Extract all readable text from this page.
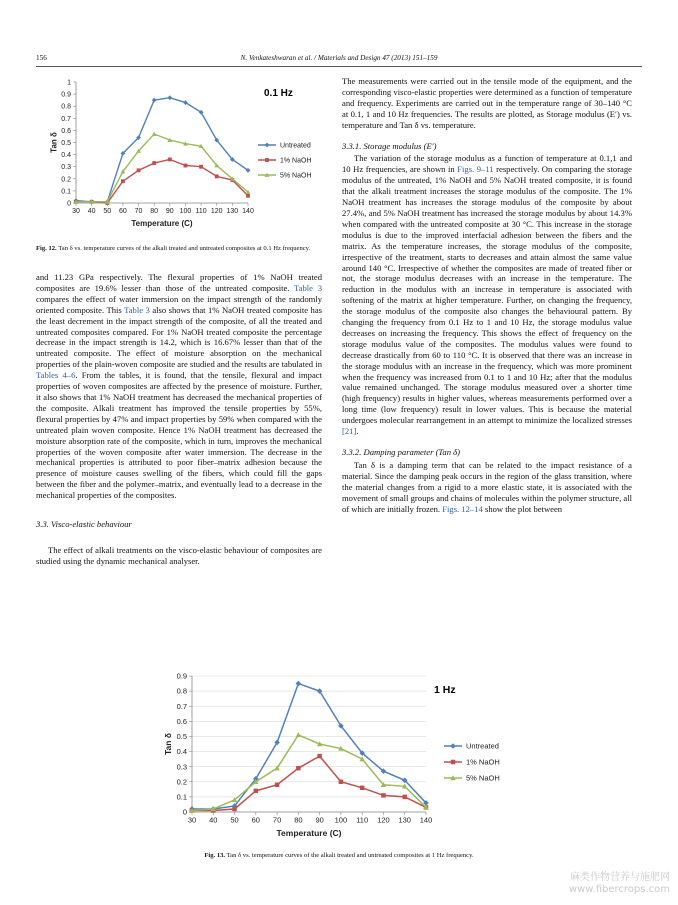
156	N. Venkateshwaran et al. / Materials and Design 47 (2013) 151–159
0
0.1
0.2
0.3
0.4
0.5
0.6
0.7
0.8
0.9
1
30 40 50 60 70 80 90 100 110 120 130 140
Temperature (C)
Tan δ
0.1 Hz
Untreated
1% NaOH
5% NaOH
Fig. 12. Tan δ vs. temperature curves of the alkali treated and untreated composites at 0.1 Hz frequency.

and 11.23 GPa respectively. The flexural properties of 1% NaOH treated composites are 19.6% lesser than those of the untreated composite. Table 3 compares the effect of water immersion on the impact strength of the randomly oriented composite. This Table 3 also shows that 1% NaOH treated composite has the least decrement in the impact strength of the composite, of all the treated and untreated composites compared. For 1% NaOH treated composite the percentage decrease in the impact strength is 14.2, which is 16.67% lesser than that of the untreated composite. The effect of moisture absorption on the mechanical properties of the plain-woven composite are studied and the results are tabulated in Tables 4–6. From the tables, it is found, that the tensile, flexural and impact properties of woven composites are affected by the presence of moisture. Further, it also shows that 1% NaOH treatment has decreased the mechanical properties of the composite. Alkali treatment has improved the tensile properties by 55%, flexural properties by 47% and impact properties by 59% when compared with the untreated plain woven composite. Hence 1% NaOH treatment has decreased the moisture absorption rate of the composite, which in turn, improves the mechanical properties of the woven composite after water immersion. The decrease in the mechanical properties is attributed to poor fiber–matrix adhesion because the presence of moisture causes swelling of the fibers, which could fill the gaps between the fiber and the polymer–matrix, and eventually lead to a decrease in the mechanical properties of the composites.

3.3. Visco-elastic behaviour

The effect of alkali treatments on the visco-elastic behaviour of composites are studied using the dynamic mechanical analyser.

The measurements were carried out in the tensile mode of the equipment, and the corresponding visco-elastic properties were determined as a function of temperature and frequency. Experiments are carried out in the temperature range of 30–140 °C at 0.1, 1 and 10 Hz frequencies. The results are plotted, as Storage modulus (E′) vs. temperature and Tan δ vs. temperature.

3.3.1. Storage modulus (E′)

The variation of the storage modulus as a function of temperature at 0.1,1 and 10 Hz frequencies, are shown in Figs. 9–11 respectively. On comparing the storage modulus of the untreated, 1% NaOH and 5% NaOH treated composite, it is found that the alkali treatment increases the storage modulus of the composite. The 1% NaOH treatment has increases the storage modulus of the composite by about 27.4%, and 5% NaOH treatment has increased the storage modulus by about 14.3% when compared with the untreated composite at 30 °C. This increase in the storage modulus is due to the improved interfacial adhesion between the fibers and the matrix. As the temperature increases, the storage modulus of the composite, irrespective of the treatment, starts to decreases and attain almost the same value around 140 °C. Irrespective of whether the composites are made of treated fiber or not, the storage modulus decreases with an increase in the temperature. The reduction in the modulus with an increase in temperature is associated with softening of the matrix at higher temperature. Further, on changing the frequency, the storage modulus of the composite also changes the behavioural pattern. By changing the frequency from 0.1 Hz to 1 and 10 Hz, the storage modulus value decreases on increasing the frequency. This shows the effect of frequency on the storage modulus value of the composites. The modulus values were found to decrease drastically from 60 to 110 °C. It is observed that there was an increase in the storage modulus with an increase in the frequency, which was more prominent when the frequency was increased from 0.1 to 1 and 10 Hz; after that the modulus value remained unchanged. The storage modulus measured over a shorter time (high frequency) results in higher values, whereas measurements performed over a long time (low frequency) result in lower values. This is because the material undergoes molecular rearrangement in an attempt to minimize the localized stresses [21].

3.3.2. Damping parameter (Tan δ)

Tan δ is a damping term that can be related to the impact resistance of a material. Since the damping peak occurs in the region of the glass transition, where the material changes from a rigid to a more elastic state, it is associated with the movement of small groups and chains of molecules within the polymer structure, all of which are initially frozen. Figs. 12–14 show the plot between

0
0.1
0.2
0.3
0.4
0.5
0.6
0.7
0.8
0.9
30 40 50 60 70 80 90 100 110 120 130 140
Temperature (C)
Tan δ
1 Hz
Untreated
1% NaOH
5% NaOH
Fig. 13. Tan δ vs. temperature curves of the alkali treated and untreated composites at 1 Hz frequency.
麻类作物营养与施肥网
www.fibercrops.com
